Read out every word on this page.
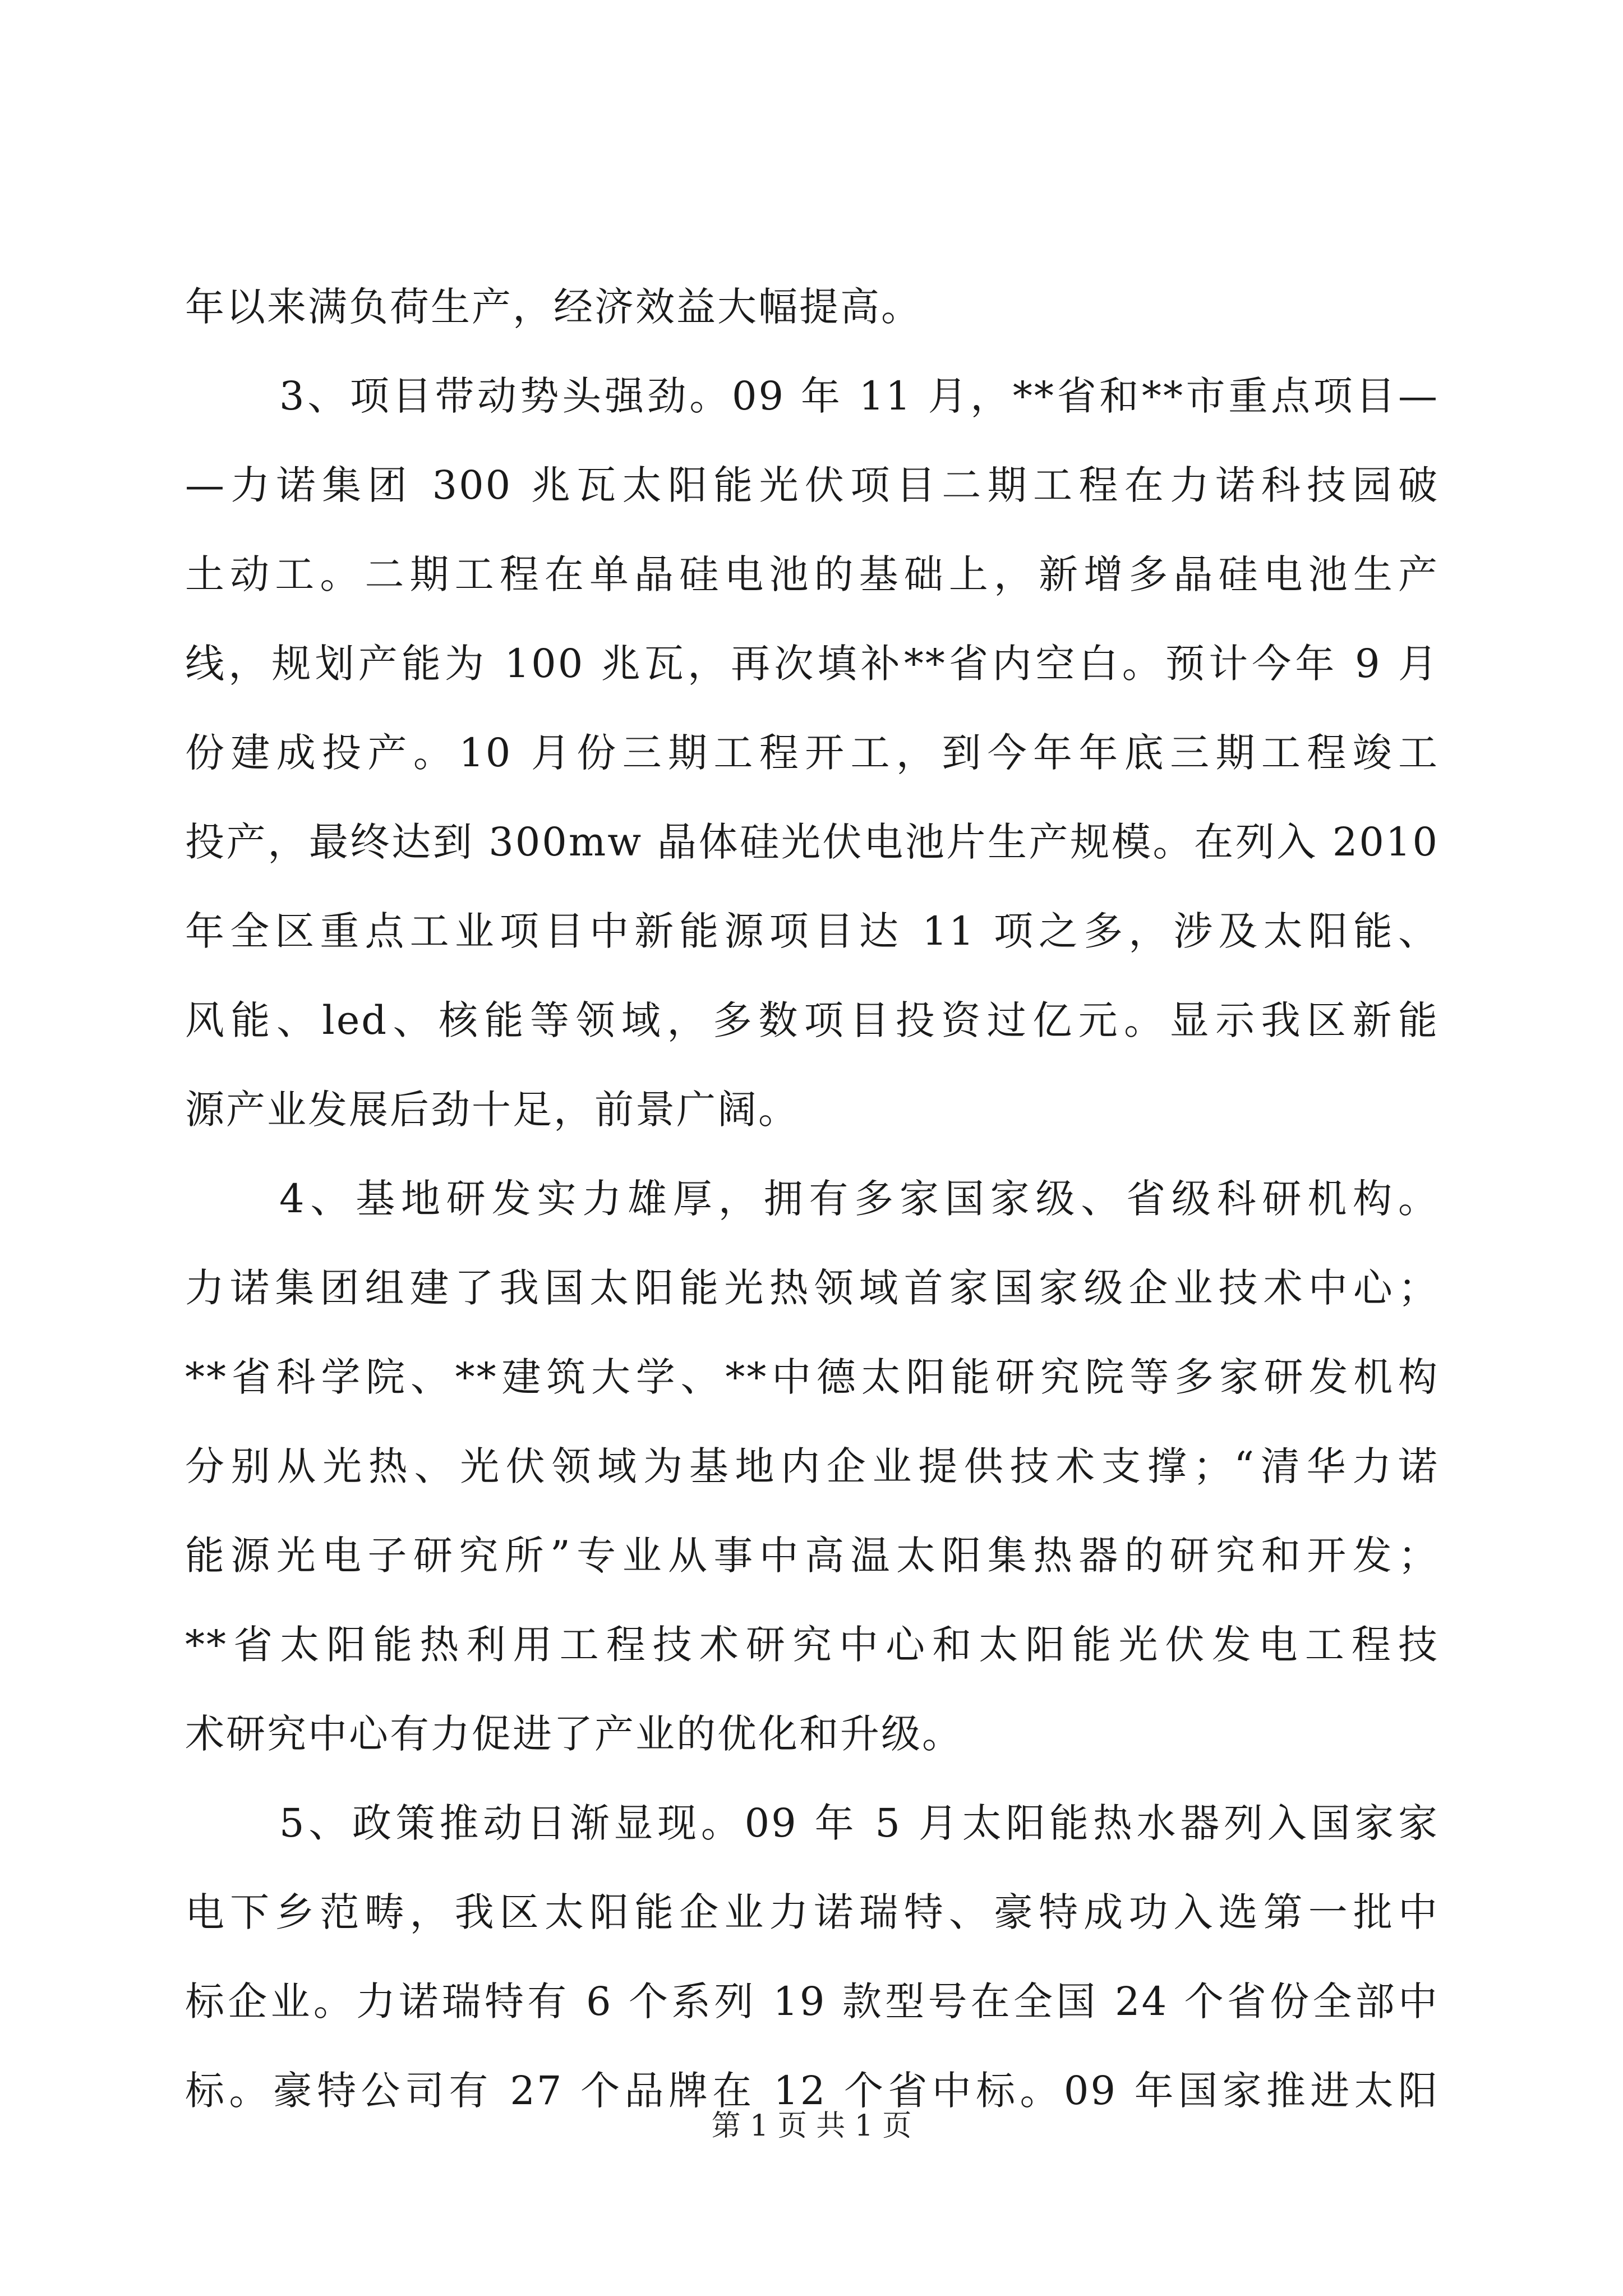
年以来满负荷生产，经济效益大幅提高。
3、项目带动势头强劲。09 年 11 月，**省和**市重点项目—
—力诺集团 300 兆瓦太阳能光伏项目二期工程在力诺科技园破
土动工。二期工程在单晶硅电池的基础上，新增多晶硅电池生产
线，规划产能为 100 兆瓦，再次填补**省内空白。预计今年 9 月
份建成投产。10 月份三期工程开工，到今年年底三期工程竣工
投产，最终达到 300mw 晶体硅光伏电池片生产规模。在列入 2010
年全区重点工业项目中新能源项目达 11 项之多，涉及太阳能、
风能、led、核能等领域，多数项目投资过亿元。显示我区新能
源产业发展后劲十足，前景广阔。
4、基地研发实力雄厚，拥有多家国家级、省级科研机构。
力诺集团组建了我国太阳能光热领域首家国家级企业技术中心；
**省科学院、**建筑大学、**中德太阳能研究院等多家研发机构
分别从光热、光伏领域为基地内企业提供技术支撑；“清华力诺
能源光电子研究所”专业从事中高温太阳集热器的研究和开发；
**省太阳能热利用工程技术研究中心和太阳能光伏发电工程技
术研究中心有力促进了产业的优化和升级。
5、政策推动日渐显现。09 年 5 月太阳能热水器列入国家家
电下乡范畴，我区太阳能企业力诺瑞特、豪特成功入选第一批中
标企业。力诺瑞特有 6 个系列 19 款型号在全国 24 个省份全部中
标。豪特公司有 27 个品牌在 12 个省中标。09 年国家推进太阳
第 1 页 共 1 页
